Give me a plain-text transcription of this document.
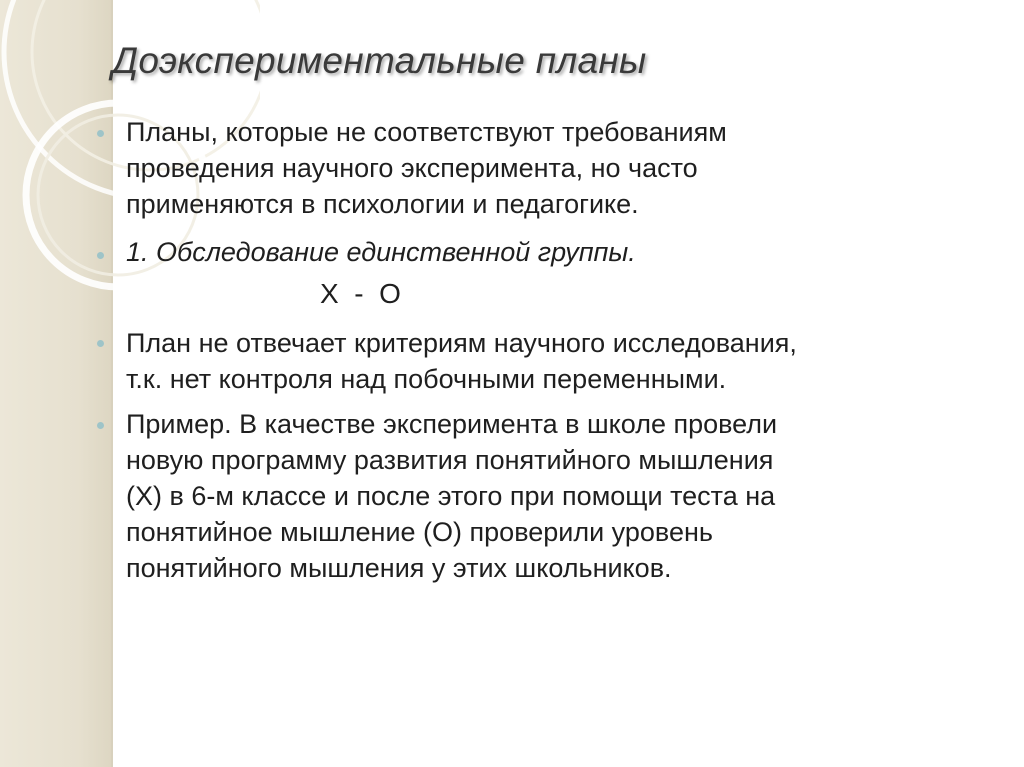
Доэкспериментальные планы
Планы, которые не соответствуют требованиям
проведения научного эксперимента, но часто
применяются в психологии и педагогике.
1. Обследование единственной группы.
Х  -  О
План не отвечает критериям научного исследования,
т.к. нет контроля над побочными переменными.
Пример. В качестве эксперимента в школе провели
новую программу развития понятийного мышления
(Х) в 6-м классе и после этого при помощи теста на
понятийное мышление (О) проверили уровень
понятийного мышления у этих школьников.
